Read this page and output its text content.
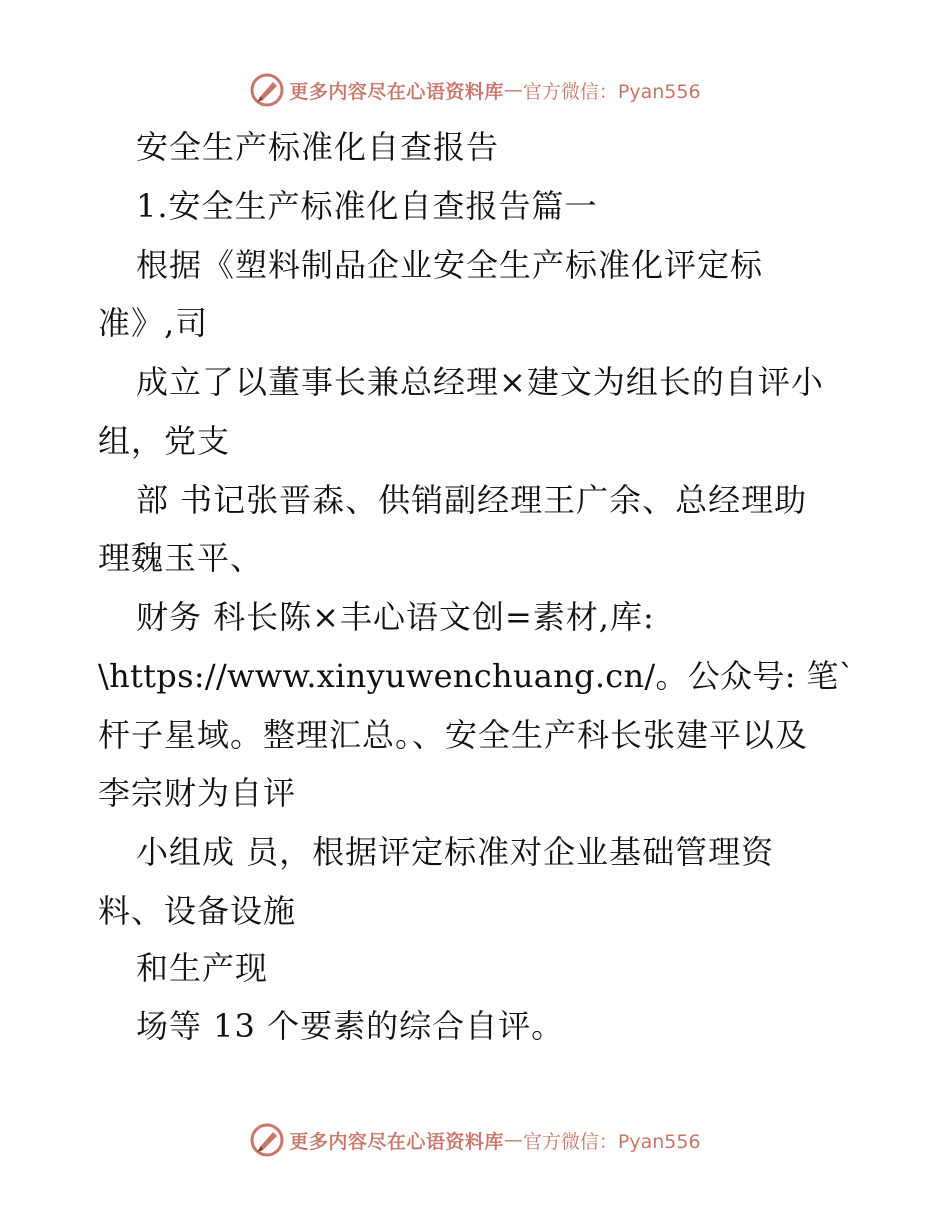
更多内容尽在心语资料库 — 官方微信：Pyan556
安全生产标准化自查报告
1.安全生产标准化自查报告篇一
根据《塑料制品企业安全生产标准化评定标
准》,司
成立了以董事长兼总经理×建文为组长的自评小
组，党支
部 书记张晋森、供销副经理王广余、总经理助
理魏玉平、
财务 科长陈×丰心语文创=素材,库:
\https://www.xinyuwenchuang.cn/。公众号: 笔`
杆子星域。整理汇总。、安全生产科长张建平以及
李宗财为自评
小组成 员，根据评定标准对企业基础管理资
料、设备设施
和生产现
场等 13 个要素的综合自评。
更多内容尽在心语资料库 — 官方微信：Pyan556
